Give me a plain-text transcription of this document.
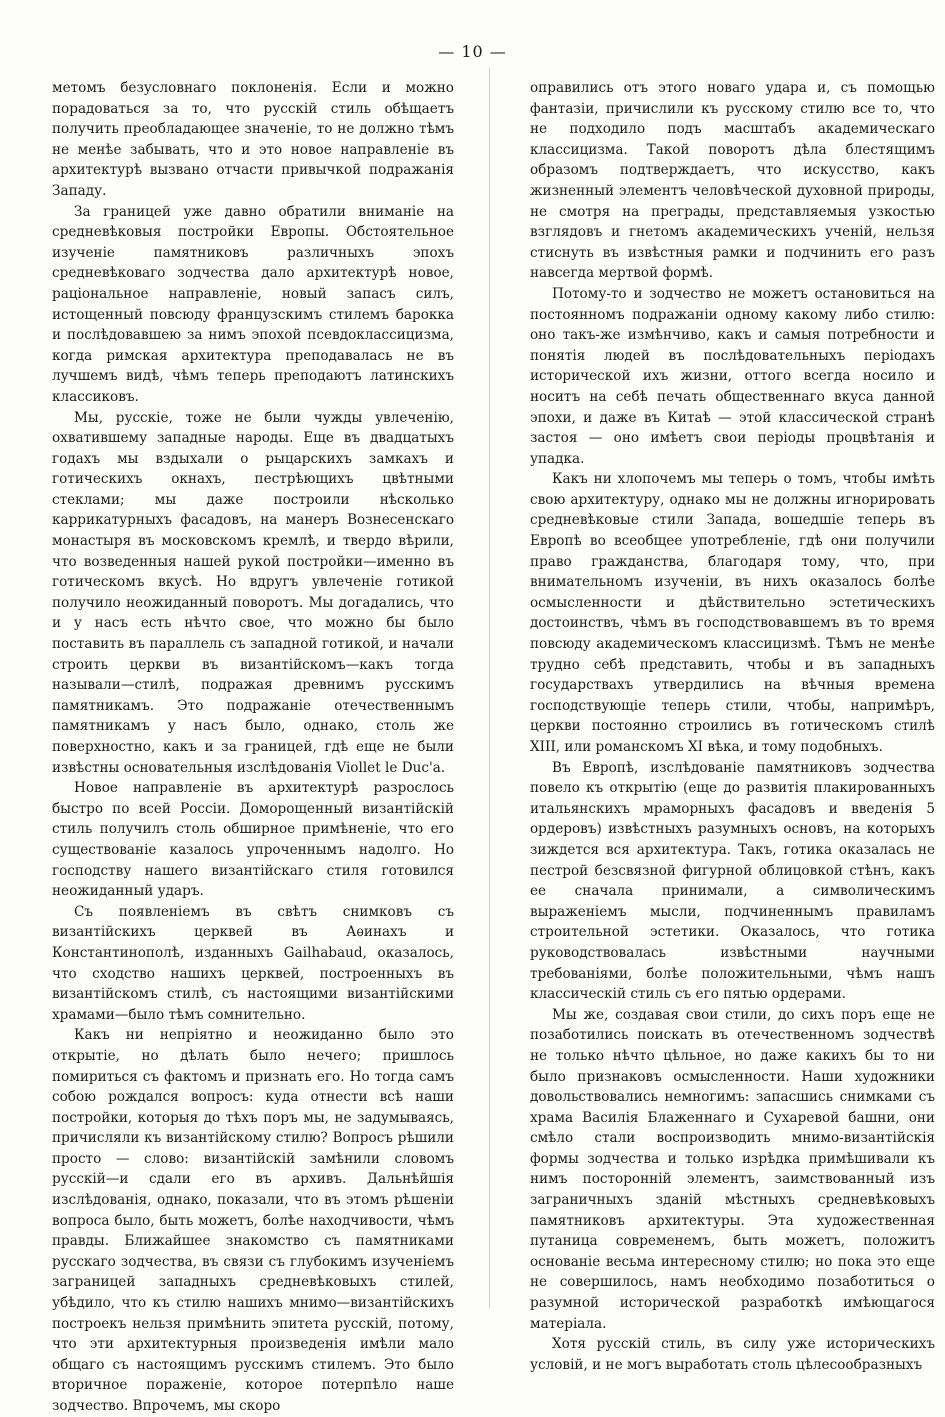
— 10 —

метомъ безусловнаго поклоненія. Если и можно порадоваться за то, что русскій стиль обѣщаетъ получить преобладающее значеніе, то не должно тѣмъ не менѣе забывать, что и это новое направленіе въ архитектурѣ вызвано отчасти привычкой подражанія Западу.

За границей уже давно обратили вниманіе на средневѣковыя постройки Европы. Обстоятельное изученіе памятниковъ различныхъ эпохъ средневѣковаго зодчества дало архитектурѣ новое, раціональное направленіе, новый запасъ силъ, истощенный повсюду французскимъ стилемъ барокка и послѣдовавшею за нимъ эпохой псевдоклассицизма, когда римская архитектура преподавалась не въ лучшемъ видѣ, чѣмъ теперь преподаютъ латинскихъ классиковъ.

Мы, русскіе, тоже не были чужды увлеченію, охватившему западные народы. Еще въ двадцатыхъ годахъ мы вздыхали о рыцарскихъ замкахъ и готическихъ окнахъ, пестрѣющихъ цвѣтными стеклами; мы даже построили нѣсколько каррикатурныхъ фасадовъ, на манеръ Вознесенскаго монастыря въ московскомъ кремлѣ, и твердо вѣрили, что возведенныя нашей рукой постройки—именно въ готическомъ вкусѣ. Но вдругъ увлеченіе готикой получило неожиданный поворотъ. Мы догадались, что и у насъ есть нѣчто свое, что можно бы было поставить въ параллель съ западной готикой, и начали строить церкви въ византійскомъ—какъ тогда называли—стилѣ, подражая древнимъ русскимъ памятникамъ. Это подражаніе отечественнымъ памятникамъ у насъ было, однако, столь же поверхностно, какъ и за границей, гдѣ еще не были извѣстны основательныя изслѣдованія Viollet le Duc'a.

Новое направленіе въ архитектурѣ разрослось быстро по всей Россіи. Доморощенный византійскій стиль получилъ столь обширное примѣненіе, что его существованіе казалось упроченнымъ надолго. Но господству нашего византійскаго стиля готовился неожиданный ударъ.

Съ появленіемъ въ свѣтъ снимковъ съ византійскихъ церквей въ Аѳинахъ и Константинополѣ, изданныхъ Gailhabaud, оказалось, что сходство нашихъ церквей, построенныхъ въ византійскомъ стилѣ, съ настоящими византійскими храмами—было тѣмъ сомнительно.

Какъ ни непріятно и неожиданно было это открытіе, но дѣлать было нечего; пришлось помириться съ фактомъ и признать его. Но тогда самъ собою рождался вопросъ: куда отнести всѣ наши постройки, которыя до тѣхъ поръ мы, не задумываясь, причисляли къ византійскому стилю? Вопросъ рѣшили просто — слово: византійскій замѣнили словомъ русскій—и сдали его въ архивъ. Дальнѣйшія изслѣдованія, однако, показали, что въ этомъ рѣшеніи вопроса было, быть можетъ, болѣе находчивости, чѣмъ правды. Ближайшее знакомство съ памятниками русскаго зодчества, въ связи съ глубокимъ изученіемъ заграницей западныхъ средневѣковыхъ стилей, убѣдило, что къ стилю нашихъ мнимо—византійскихъ построекъ нельзя примѣнить эпитета русскій, потому, что эти архитектурныя произведенія имѣли мало общаго съ настоящимъ русскимъ стилемъ. Это было вторичное пораженіе, которое потерпѣло наше зодчество. Впрочемъ, мы скоро

оправились отъ этого новаго удара и, съ помощью фантазіи, причислили къ русскому стилю все то, что не подходило подъ масштабъ академическаго классицизма. Такой поворотъ дѣла блестящимъ образомъ подтверждаетъ, что искусство, какъ жизненный элементъ человѣческой духовной природы, не смотря на преграды, представляемыя узкостью взглядовъ и гнетомъ академическихъ ученій, нельзя стиснуть въ извѣстныя рамки и подчинить его разъ навсегда мертвой формѣ.

Потому-то и зодчество не можетъ остановиться на постоянномъ подражаніи одному какому либо стилю: оно такъ-же измѣнчиво, какъ и самыя потребности и понятія людей въ послѣдовательныхъ періодахъ исторической ихъ жизни, оттого всегда носило и носитъ на себѣ печать общественнаго вкуса данной эпохи, и даже въ Китаѣ — этой классической странѣ застоя — оно имѣетъ свои періоды процвѣтанія и упадка.

Какъ ни хлопочемъ мы теперь о томъ, чтобы имѣть свою архитектуру, однако мы не должны игнорировать средневѣковые стили Запада, вошедшіе теперь въ Европѣ во всеобщее употребленіе, гдѣ они получили право гражданства, благодаря тому, что, при внимательномъ изученіи, въ нихъ оказалось болѣе осмысленности и дѣйствительно эстетическихъ достоинствъ, чѣмъ въ господствовавшемъ въ то время повсюду академическомъ классицизмѣ. Тѣмъ не менѣе трудно себѣ представить, чтобы и въ западныхъ государствахъ утвердились на вѣчныя времена господствующіе теперь стили, чтобы, напримѣръ, церкви постоянно строились въ готическомъ стилѣ XIII, или романскомъ XI вѣка, и тому подобныхъ.

Въ Европѣ, изслѣдованіе памятниковъ зодчества повело къ открытію (еще до развитія плакированныхъ итальянскихъ мраморныхъ фасадовъ и введенія 5 ордеровъ) извѣстныхъ разумныхъ основъ, на которыхъ зиждется вся архитектура. Такъ, готика оказалась не пестрой безсвязной фигурной облицовкой стѣнъ, какъ ее сначала принимали, а символическимъ выраженіемъ мысли, подчиненнымъ правиламъ строительной эстетики. Оказалось, что готика руководствовалась извѣстными научными требованіями, болѣе положительными, чѣмъ нашъ классическій стиль съ его пятью ордерами.

Мы же, создавая свои стили, до сихъ поръ еще не позаботились поискать въ отечественномъ зодчествѣ не только нѣчто цѣльное, но даже какихъ бы то ни было признаковъ осмысленности. Наши художники довольствовались немногимъ: запасшись снимками съ храма Василія Блаженнаго и Сухаревой башни, они смѣло стали воспроизводить мнимо-византійскія формы зодчества и только изрѣдка примѣшивали къ нимъ посторонній элементъ, заимствованный изъ заграничныхъ зданій мѣстныхъ средневѣковыхъ памятниковъ архитектуры. Эта художественная путаница современемъ, быть можетъ, положитъ основаніе весьма интересному стилю; но пока это еще не совершилось, намъ необходимо позаботиться о разумной исторической разработкѣ имѣющагося матеріала.

Хотя русскій стиль, въ силу уже историческихъ условій, и не могъ выработать столь цѣлесообразныхъ
